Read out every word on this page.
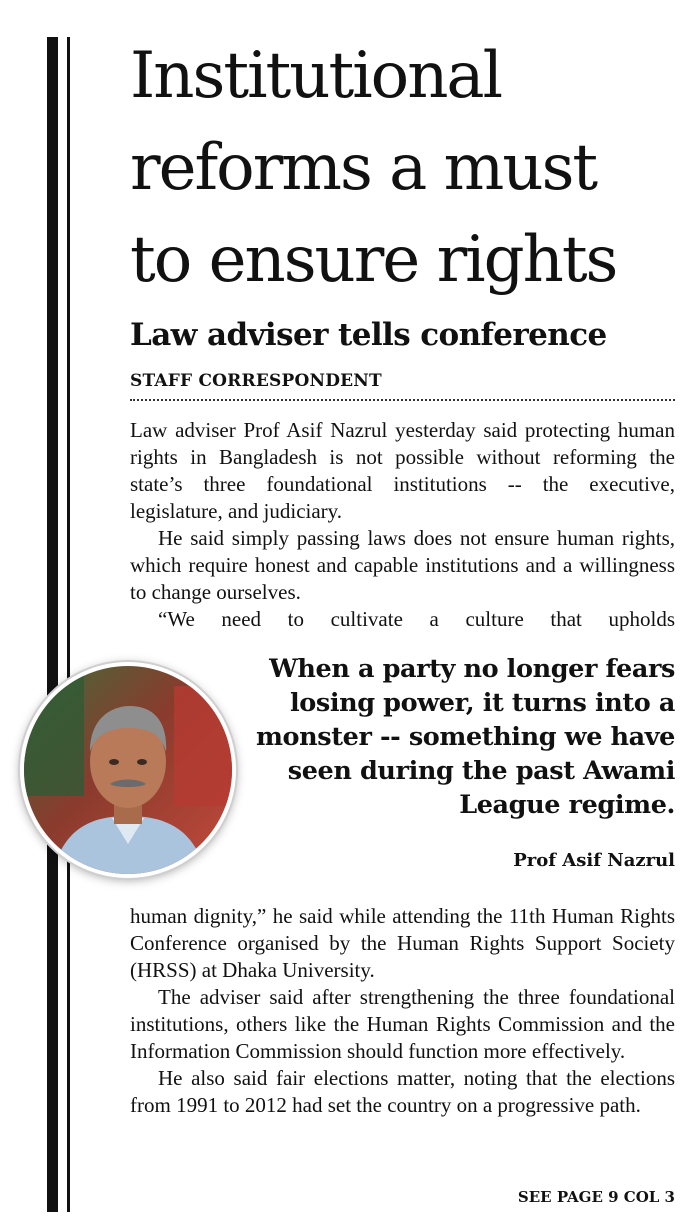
Institutional
reforms a must
to ensure rights
Law adviser tells conference
STAFF CORRESPONDENT

Law adviser Prof Asif Nazrul yesterday said protecting human rights in Bangladesh is not possible without reforming the state’s three foundational institutions -- the executive, legislature, and judiciary.

He said simply passing laws does not ensure human rights, which require honest and capable institutions and a willingness to change ourselves.

“We need to cultivate a culture that upholds

When a party no longer fears losing power, it turns into a monster -- something we have seen during the past Awami League regime.
Prof Asif Nazrul

human dignity,” he said while attending the 11th Human Rights Conference organised by the Human Rights Support Society (HRSS) at Dhaka University.

The adviser said after strengthening the three foundational institutions, others like the Human Rights Commission and the Information Commission should function more effectively.

He also said fair elections matter, noting that the elections from 1991 to 2012 had set the country on a progressive path.

SEE PAGE 9 COL 3
